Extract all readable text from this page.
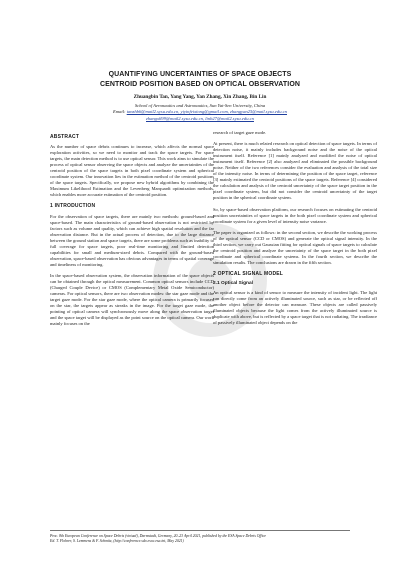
QUANTIFYING UNCERTAINTIES OF SPACE OBJECTS
CENTROID POSITION BASED ON OPTICAL OBSERVATION
Zhuangbin Tan, Yang Yang, Yan Zhang, Xin Zhang, Bin Lin
School of Aeronautics and Astronautics, Sun Yat-Sen University, China
Email: tanzhb6@mail2.sysu.edu.cn, yiyinfeixiong@gmail.com, zhangyan25@mail.sysu.edu.cn
zhangx699@mail2.sysu.edu.cn, linb27@mail2.sysu.edu.cn
ABSTRACT

As the number of space debris continues to increase, which affects the normal space exploration activities, so we need to monitor and track the space targets. For space targets, the main detection method is to use optical sensor. This work aims to simulate the process of optical sensor observing the space objects and analyze the uncertainties of the centroid position of the space targets in both pixel coordinate system and spherical coordinate system. Our innovation lies in the estimation method of the centroid positions of the space targets. Specifically, we propose new hybrid algorithms by combining the Maximum Likelihood Estimation and the Levenberg Marquardt optimization methods, which enables more accurate estimation of the centroid position.

1 INTRODUCTION

For the observation of space targets, there are mainly two methods: ground-based and space-based. The main characteristics of ground-based observation is not restricted by factors such as volume and quality, which can achieve high spatial resolution and the far observation distance. But in the actual process of detection, due to the large distance between the ground station and space targets, there are some problems such as inability to full coverage for space targets, poor real-time monitoring and limited detection capabilities for small and medium-sized debris. Compared with the ground-based observation, space-based observation has obvious advantages in terms of spatial coverage and timeliness of monitoring.

In the space-based observation system, the observation information of the space objects can be obtained through the optical measurement. Common optical sensors include CCD (Charged Couple Device) or CMOS (Complementary Metal Oxide Semiconductor) cameras. For optical sensors, there are two observation modes: the star gaze mode and the target gaze mode. For the star gaze mode, where the optical camera is primarily focused on the star, the targets appear as streaks in the image. For the target gaze mode, the pointing of optical camera will synchronously move along the space observation target and the space target will be displayed as the point source on the optical camera. Our work mainly focuses on the

research of target gaze mode.

At present, there is much related research on optical detection of space targets. In terms of detection noise, it mainly includes background noise and the noise of the optical instrument itself. Reference [1] mainly analyzed and modified the noise of optical instrument itself. Reference [2] also analyzed and eliminated the possible background noise. Neither of the two references consider the evaluation and analysis of the total size of the intensity noise. In terms of determining the position of the space target, reference [3] mainly estimated the centroid positions of the space targets. Reference [4] considered the calculation and analysis of the centroid uncertainty of the space target position in the pixel coordinate system, but did not consider the centroid uncertainty of the target position in the spherical coordinate system.

So, by space-based observation platform, our research focuses on estimating the centroid position uncertainties of space targets in the both pixel coordinate system and spherical coordinate system for a given level of intensity noise variance.

The paper is organized as follows: in the second section, we describe the working process of the optical sensor (CCD or CMOS) and generate the optical signal intensity. In the third section, we carry out Gaussian fitting for optical signals of space targets to calculate the centroid position and analyze the uncertainty of the space target in the both pixel coordinate and spherical coordinate systems. In the fourth section, we describe the simulation results. The conclusions are drawn in the fifth section.

2 OPTICAL SIGNAL MODEL
2.1 Optical Signal

An optical sensor is a kind of sensor to measure the intensity of incident light. The light can directly come from an actively illuminated source, such as star, or be reflected off another object before the detector can measure. These objects are called passively illuminated objects because the light comes from the actively illuminated source is duplicate with above, but is reflected by a space target that is not radiating. The irradiance of passively illuminated object depends on the

Proc. 8th European Conference on Space Debris (virtual), Darmstadt, Germany, 20–23 April 2021, published by the ESA Space Debris Office
Ed. T. Flohrer, S. Lemmens & F. Schmitz, (http://conference.sdo.esoc.esa.int, May 2021)
